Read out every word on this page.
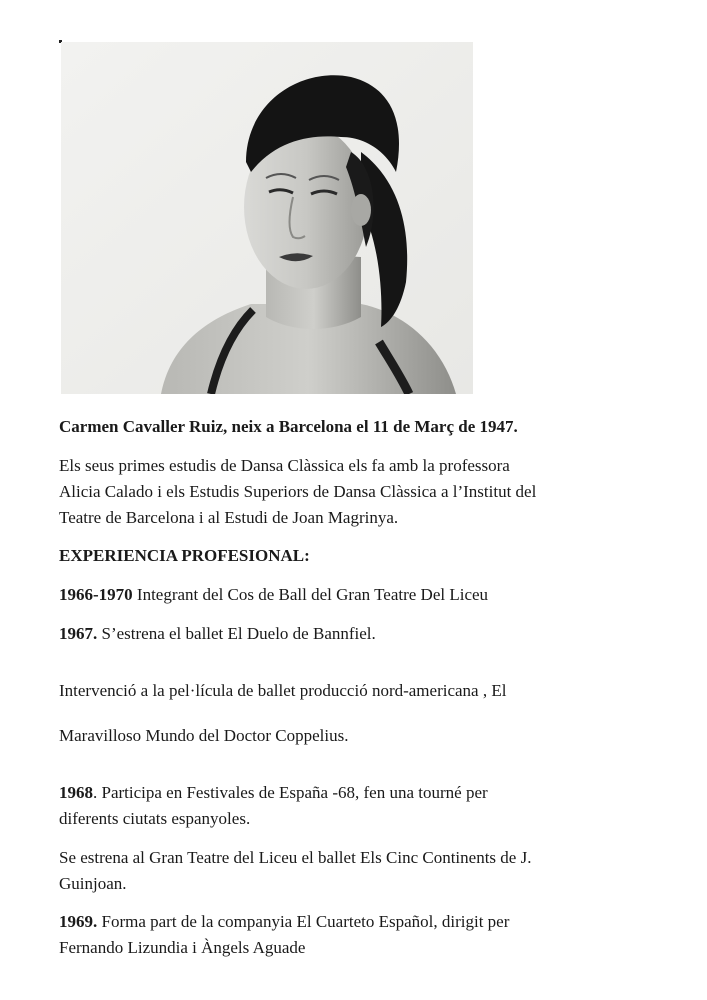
Carmen Cavaller Ruiz, neix a Barcelona el 11 de Març de 1947.

Els seus primes estudis de Dansa Clàssica els fa amb la professora

Alicia Calado i els Estudis Superiors de Dansa Clàssica a l’Institut del

Teatre de Barcelona i al Estudi de Joan Magrinya.

EXPERIENCIA PROFESIONAL:

1966-1970 Integrant del Cos de Ball del Gran Teatre Del Liceu

1967. S’estrena el ballet El Duelo de Bannfiel.

Intervenció a la pel·lícula de ballet producció nord-americana , El

Maravilloso Mundo del Doctor Coppelius.

1968. Participa en Festivales de España -68, fen una tourné per

diferents ciutats espanyoles.

Se estrena al Gran Teatre del Liceu el ballet Els Cinc Continents de J.

Guinjoan.

1969. Forma part de la companyia El Cuarteto Español, dirigit per

Fernando Lizundia i Àngels Aguade
